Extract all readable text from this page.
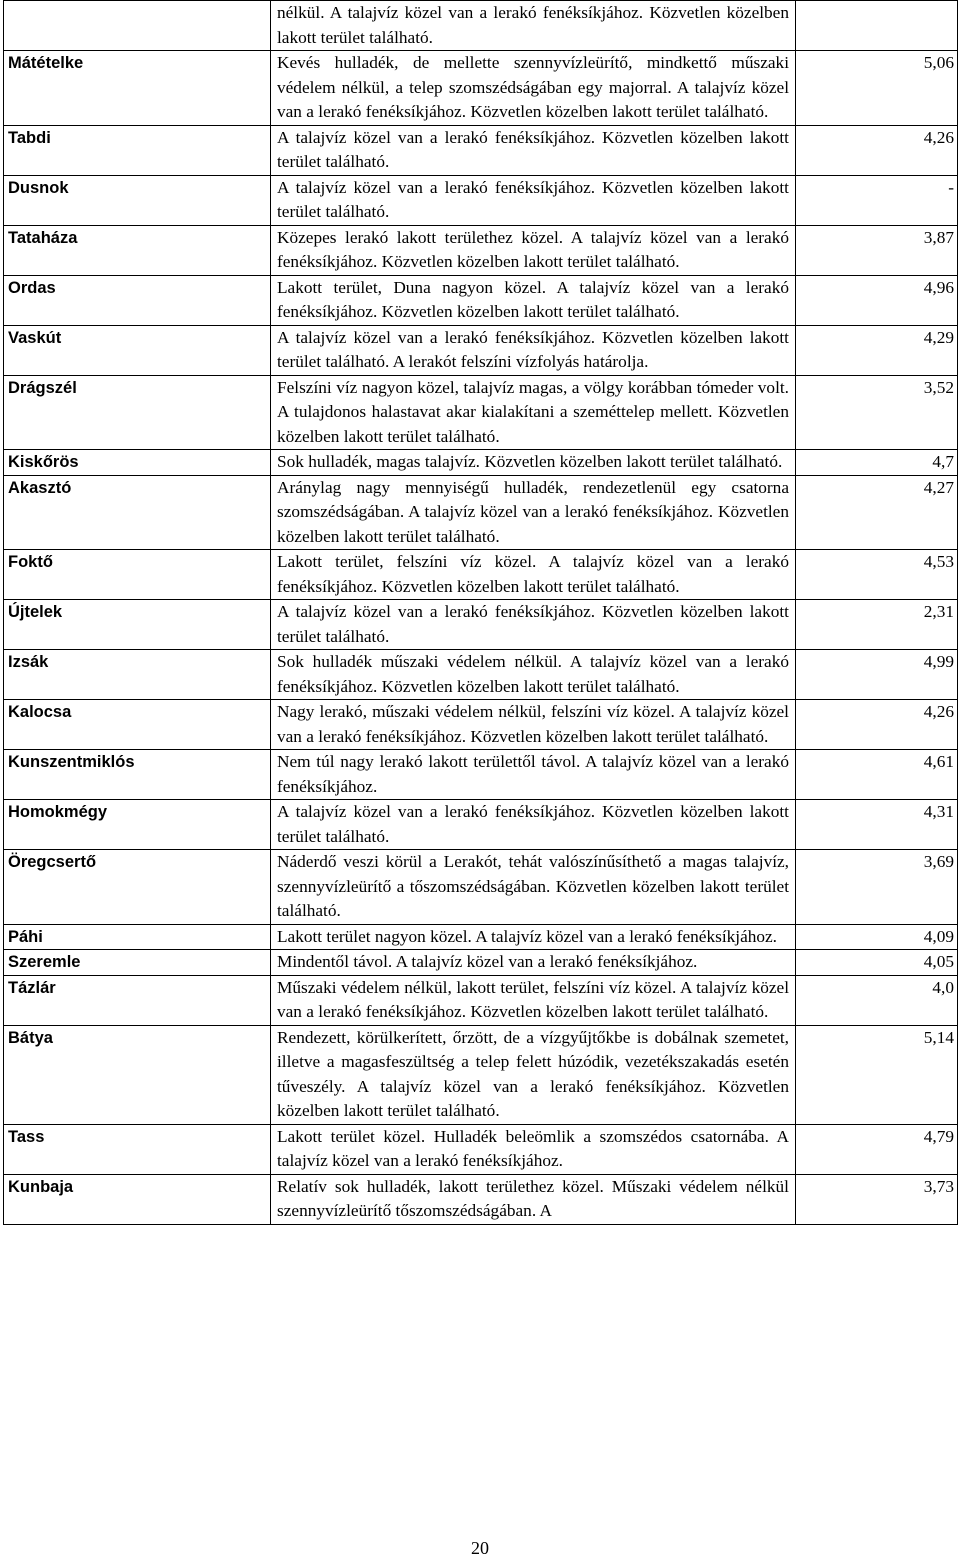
	nélkül. A talajvíz közel van a lerakó fenéksíkjához. Közvetlen közelben lakott terület található.	
Mátételke	Kevés hulladék, de mellette szennyvízleürítő, mindkettő műszaki védelem nélkül, a telep szomszédságában egy majorral. A talajvíz közel van a lerakó fenéksíkjához. Közvetlen közelben lakott terület található.	5,06
Tabdi	A talajvíz közel van a lerakó fenéksíkjához. Közvetlen közelben lakott terület található.	4,26
Dusnok	A talajvíz közel van a lerakó fenéksíkjához. Közvetlen közelben lakott terület található.	-
Tataháza	Közepes lerakó lakott területhez közel. A talajvíz közel van a lerakó fenéksíkjához. Közvetlen közelben lakott terület található.	3,87
Ordas	Lakott terület, Duna nagyon közel. A talajvíz közel van a lerakó fenéksíkjához. Közvetlen közelben lakott terület található.	4,96
Vaskút	A talajvíz közel van a lerakó fenéksíkjához. Közvetlen közelben lakott terület található. A lerakót felszíni vízfolyás határolja.	4,29
Drágszél	Felszíni víz nagyon közel, talajvíz magas, a völgy korábban tómeder volt. A tulajdonos halastavat akar kialakítani a szeméttelep mellett. Közvetlen közelben lakott terület található.	3,52
Kiskőrös	Sok hulladék, magas talajvíz. Közvetlen közelben lakott terület található.	4,7
Akasztó	Aránylag nagy mennyiségű hulladék, rendezetlenül egy csatorna szomszédságában. A talajvíz közel van a lerakó fenéksíkjához. Közvetlen közelben lakott terület található.	4,27
Foktő	Lakott terület, felszíni víz közel. A talajvíz közel van a lerakó fenéksíkjához. Közvetlen közelben lakott terület található.	4,53
Újtelek	A talajvíz közel van a lerakó fenéksíkjához. Közvetlen közelben lakott terület található.	2,31
Izsák	Sok hulladék műszaki védelem nélkül. A talajvíz közel van a lerakó fenéksíkjához. Közvetlen közelben lakott terület található.	4,99
Kalocsa	Nagy lerakó, műszaki védelem nélkül, felszíni víz közel. A talajvíz közel van a lerakó fenéksíkjához. Közvetlen közelben lakott terület található.	4,26
Kunszentmiklós	Nem túl nagy lerakó lakott területtől távol. A talajvíz közel van a lerakó fenéksíkjához.	4,61
Homokmégy	A talajvíz közel van a lerakó fenéksíkjához. Közvetlen közelben lakott terület található.	4,31
Öregcsertő	Náderdő veszi körül a Lerakót, tehát valószínűsíthető a magas talajvíz, szennyvízleürítő a tőszomszédságában. Közvetlen közelben lakott terület található.	3,69
Páhi	Lakott terület nagyon közel. A talajvíz közel van a lerakó fenéksíkjához.	4,09
Szeremle	Mindentől távol. A talajvíz közel van a lerakó fenéksíkjához.	4,05
Tázlár	Műszaki védelem nélkül, lakott terület, felszíni víz közel. A talajvíz közel van a lerakó fenéksíkjához. Közvetlen közelben lakott terület található.	4,0
Bátya	Rendezett, körülkerített, őrzött, de a vízgyűjtőkbe is dobálnak szemetet, illetve a magasfeszültség a telep felett húzódik, vezetékszakadás esetén tűveszély. A talajvíz közel van a lerakó fenéksíkjához. Közvetlen közelben lakott terület található.	5,14
Tass	Lakott terület közel. Hulladék beleömlik a szomszédos csatornába. A talajvíz közel van a lerakó fenéksíkjához.	4,79
Kunbaja	Relatív sok hulladék, lakott területhez közel. Műszaki védelem nélkül szennyvízleürítő tőszomszédságában. A	3,73
20
